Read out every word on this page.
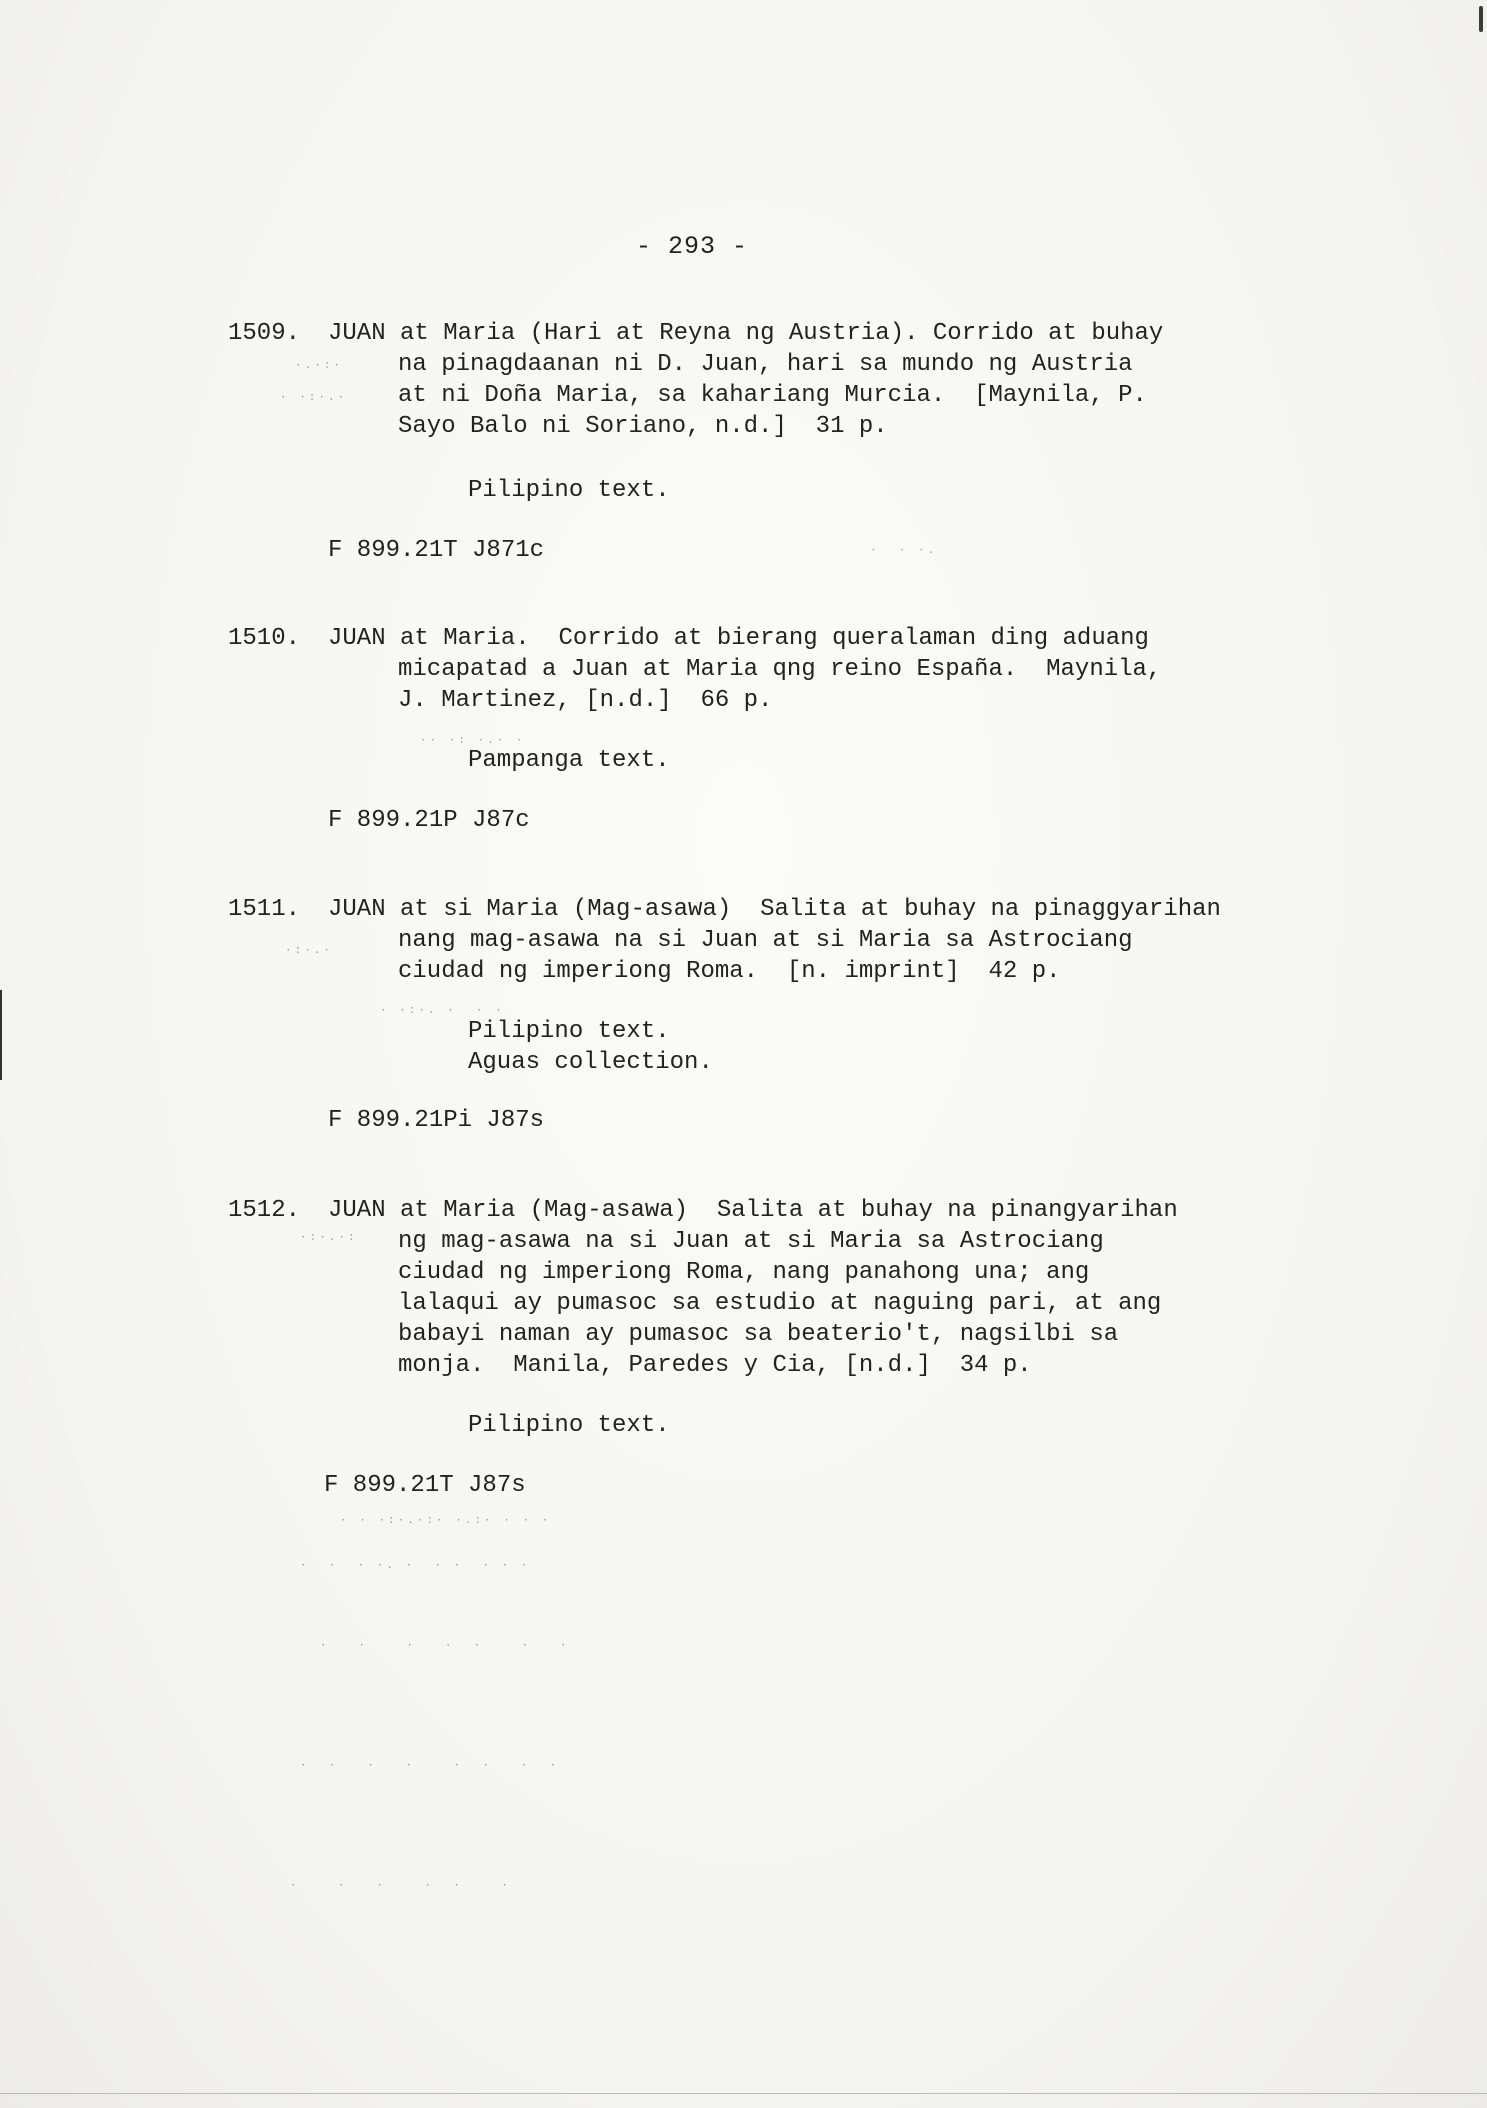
- 293 -
1509. JUAN at Maria (Hari at Reyna ng Austria). Corrido at buhay
na pinagdaanan ni D. Juan, hari sa mundo ng Austria
at ni Doña Maria, sa kahariang Murcia.  [Maynila, P.
Sayo Balo ni Soriano, n.d.]  31 p.
Pilipino text.
F 899.21T J871c
1510. JUAN at Maria.  Corrido at bierang queralaman ding aduang
micapatad a Juan at Maria qng reino España.  Maynila,
J. Martinez, [n.d.]  66 p.
Pampanga text.
F 899.21P J87c
1511. JUAN at si Maria (Mag-asawa)  Salita at buhay na pinaggyarihan
nang mag-asawa na si Juan at si Maria sa Astrociang
ciudad ng imperiong Roma.  [n. imprint]  42 p.
Pilipino text.
Aguas collection.
F 899.21Pi J87s
1512. JUAN at Maria (Mag-asawa)  Salita at buhay na pinangyarihan
ng mag-asawa na si Juan at si Maria sa Astrociang
ciudad ng imperiong Roma, nang panahong una; ang
lalaqui ay pumasoc sa estudio at naguing pari, at ang
babayi naman ay pumasoc sa beaterio't, nagsilbi sa
monja.  Manila, Paredes y Cia, [n.d.]  34 p.
Pilipino text.
F 899.21T J87s
·.·:·
· ·:·.·
·  · ·.
·· ·: ·.· ·
·:·.·
· ·:·. ·  · ·
·:·.·:
· · ·:·.·:· ·.:· · · ·
·  ·  · ·. ·  · ·  · · ·
·   ·    ·   ·  ·    ·   ·
·  ·   ·   ·    ·  ·   ·  ·
·    ·   ·    ·  ·    ·
